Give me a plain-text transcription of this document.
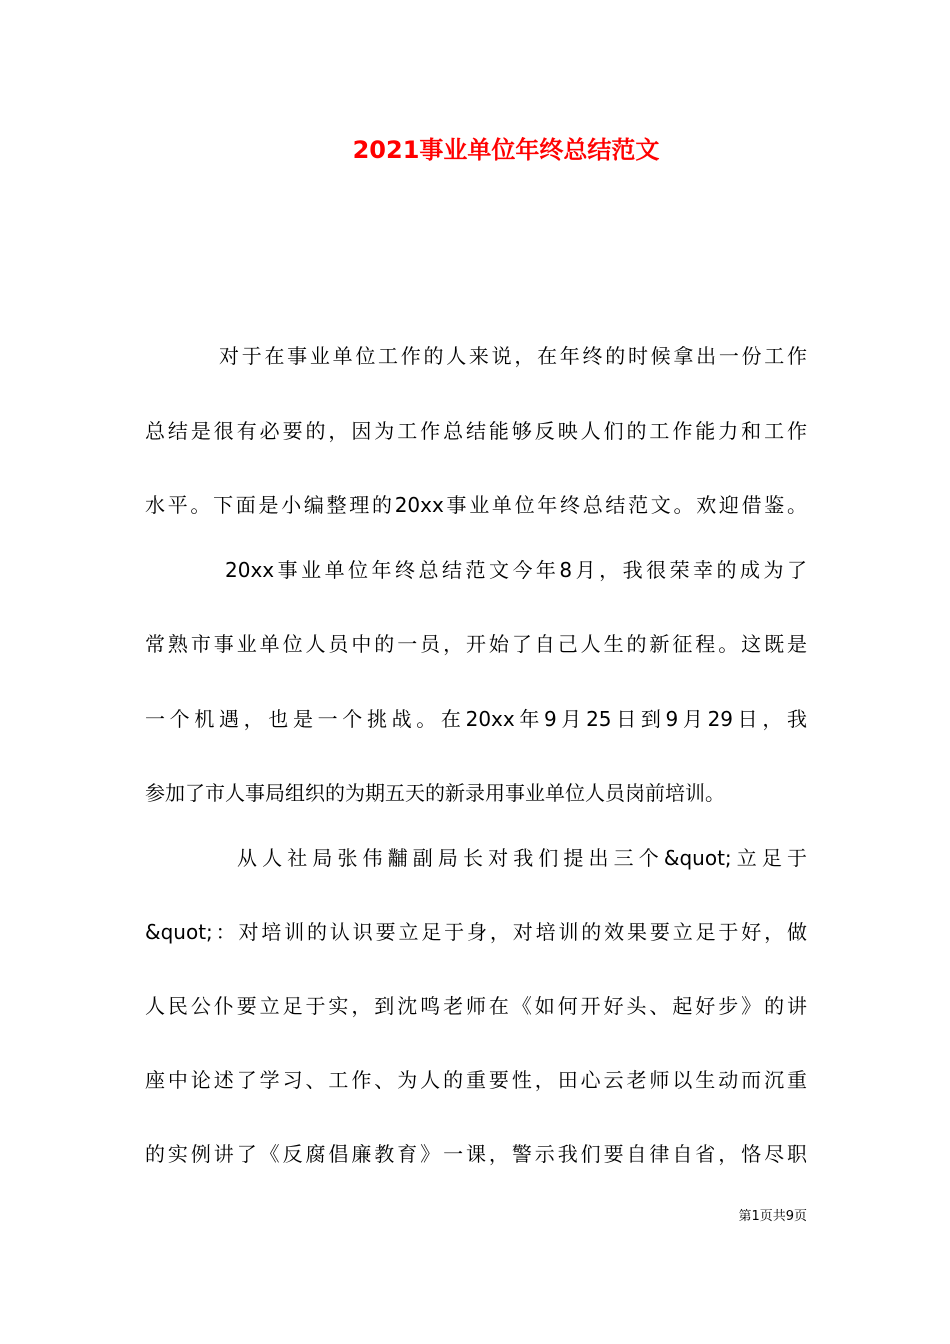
2021事业单位年终总结范文
对于在事业单位工作的人来说，在年终的时候拿出一份工作
总结是很有必要的，因为工作总结能够反映人们的工作能力和工作
水平。下面是小编整理的20xx事业单位年终总结范文。欢迎借鉴。
20xx事业单位年终总结范文今年8月，我很荣幸的成为了
常熟市事业单位人员中的一员，开始了自己人生的新征程。这既是
一个机遇，也是一个挑战。在20xx年9月25日到9月29日，我
参加了市人事局组织的为期五天的新录用事业单位人员岗前培训。
从人社局张伟黼副局长对我们提出三个&quot;立足于
&quot;：对培训的认识要立足于身，对培训的效果要立足于好，做
人民公仆要立足于实，到沈鸣老师在《如何开好头、起好步》的讲
座中论述了学习、工作、为人的重要性，田心云老师以生动而沉重
的实例讲了《反腐倡廉教育》一课，警示我们要自律自省，恪尽职
第1页共9页
